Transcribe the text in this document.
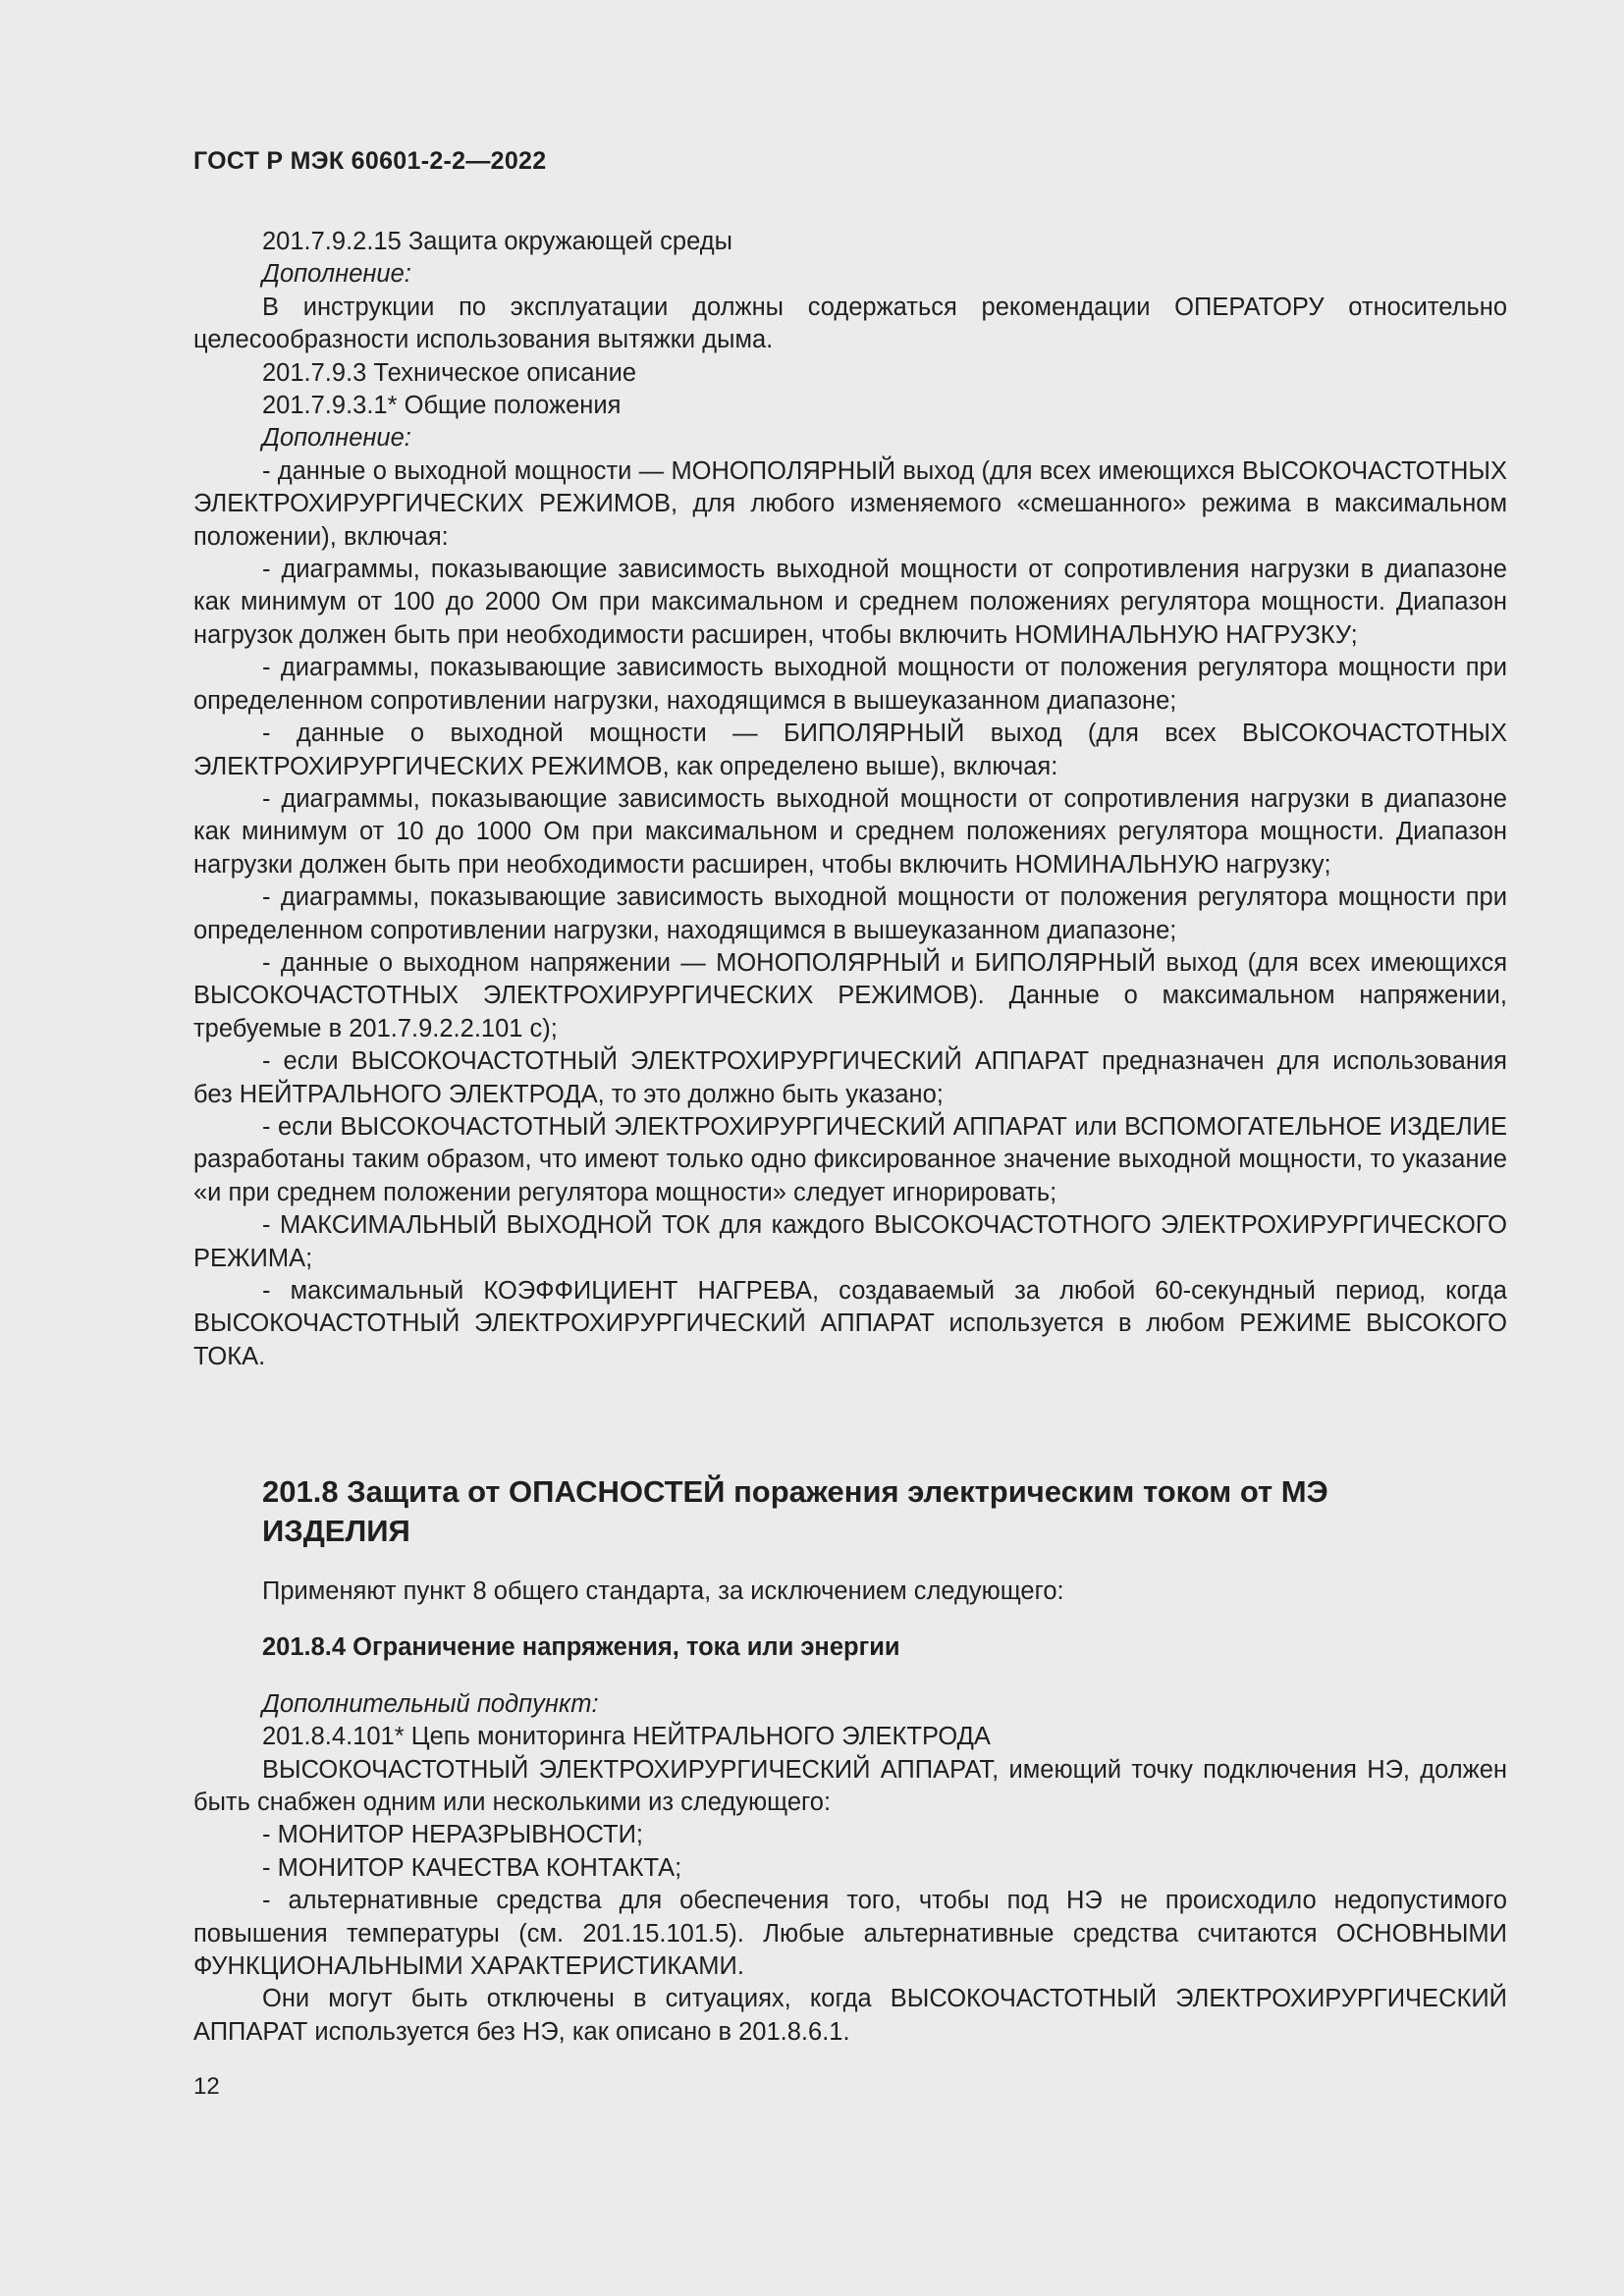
ГОСТ Р МЭК 60601-2-2—2022

201.7.9.2.15 Защита окружающей среды

Дополнение:

В инструкции по эксплуатации должны содержаться рекомендации ОПЕРАТОРУ относительно целесообразности использования вытяжки дыма.

201.7.9.3 Техническое описание

201.7.9.3.1* Общие положения

Дополнение:

- данные о выходной мощности — МОНОПОЛЯРНЫЙ выход (для всех имеющихся ВЫСОКОЧАСТОТНЫХ ЭЛЕКТРОХИРУРГИЧЕСКИХ РЕЖИМОВ, для любого изменяемого «смешанного» режима в максимальном положении), включая:

- диаграммы, показывающие зависимость выходной мощности от сопротивления нагрузки в диапазоне как минимум от 100 до 2000 Ом при максимальном и среднем положениях регулятора мощности. Диапазон нагрузок должен быть при необходимости расширен, чтобы включить НОМИНАЛЬНУЮ НАГРУЗКУ;

- диаграммы, показывающие зависимость выходной мощности от положения регулятора мощности при определенном сопротивлении нагрузки, находящимся в вышеуказанном диапазоне;

- данные о выходной мощности — БИПОЛЯРНЫЙ выход (для всех ВЫСОКОЧАСТОТНЫХ ЭЛЕКТРОХИРУРГИЧЕСКИХ РЕЖИМОВ, как определено выше), включая:

- диаграммы, показывающие зависимость выходной мощности от сопротивления нагрузки в диапазоне как минимум от 10 до 1000 Ом при максимальном и среднем положениях регулятора мощности. Диапазон нагрузки должен быть при необходимости расширен, чтобы включить НОМИНАЛЬНУЮ нагрузку;

- диаграммы, показывающие зависимость выходной мощности от положения регулятора мощности при определенном сопротивлении нагрузки, находящимся в вышеуказанном диапазоне;

- данные о выходном напряжении — МОНОПОЛЯРНЫЙ и БИПОЛЯРНЫЙ выход (для всех имеющихся ВЫСОКОЧАСТОТНЫХ ЭЛЕКТРОХИРУРГИЧЕСКИХ РЕЖИМОВ). Данные о максимальном напряжении, требуемые в 201.7.9.2.2.101 с);

- если ВЫСОКОЧАСТОТНЫЙ ЭЛЕКТРОХИРУРГИЧЕСКИЙ АППАРАТ предназначен для использования без НЕЙТРАЛЬНОГО ЭЛЕКТРОДА, то это должно быть указано;

- если ВЫСОКОЧАСТОТНЫЙ ЭЛЕКТРОХИРУРГИЧЕСКИЙ АППАРАТ или ВСПОМОГАТЕЛЬНОЕ ИЗДЕЛИЕ разработаны таким образом, что имеют только одно фиксированное значение выходной мощности, то указание «и при среднем положении регулятора мощности» следует игнорировать;

- МАКСИМАЛЬНЫЙ ВЫХОДНОЙ ТОК для каждого ВЫСОКОЧАСТОТНОГО ЭЛЕКТРОХИРУРГИЧЕСКОГО РЕЖИМА;

- максимальный КОЭФФИЦИЕНТ НАГРЕВА, создаваемый за любой 60-секундный период, когда ВЫСОКОЧАСТОТНЫЙ ЭЛЕКТРОХИРУРГИЧЕСКИЙ АППАРАТ используется в любом РЕЖИМЕ ВЫСОКОГО ТОКА.

201.8 Защита от ОПАСНОСТЕЙ поражения электрическим током от МЭ ИЗДЕЛИЯ

Применяют пункт 8 общего стандарта, за исключением следующего:

201.8.4 Ограничение напряжения, тока или энергии

Дополнительный подпункт:

201.8.4.101* Цепь мониторинга НЕЙТРАЛЬНОГО ЭЛЕКТРОДА

ВЫСОКОЧАСТОТНЫЙ ЭЛЕКТРОХИРУРГИЧЕСКИЙ АППАРАТ, имеющий точку подключения НЭ, должен быть снабжен одним или несколькими из следующего:

- МОНИТОР НЕРАЗРЫВНОСТИ;

- МОНИТОР КАЧЕСТВА КОНТАКТА;

- альтернативные средства для обеспечения того, чтобы под НЭ не происходило недопустимого повышения температуры (см. 201.15.101.5). Любые альтернативные средства считаются ОСНОВНЫМИ ФУНКЦИОНАЛЬНЫМИ ХАРАКТЕРИСТИКАМИ.

Они могут быть отключены в ситуациях, когда ВЫСОКОЧАСТОТНЫЙ ЭЛЕКТРОХИРУРГИЧЕСКИЙ АППАРАТ используется без НЭ, как описано в 201.8.6.1.

12
